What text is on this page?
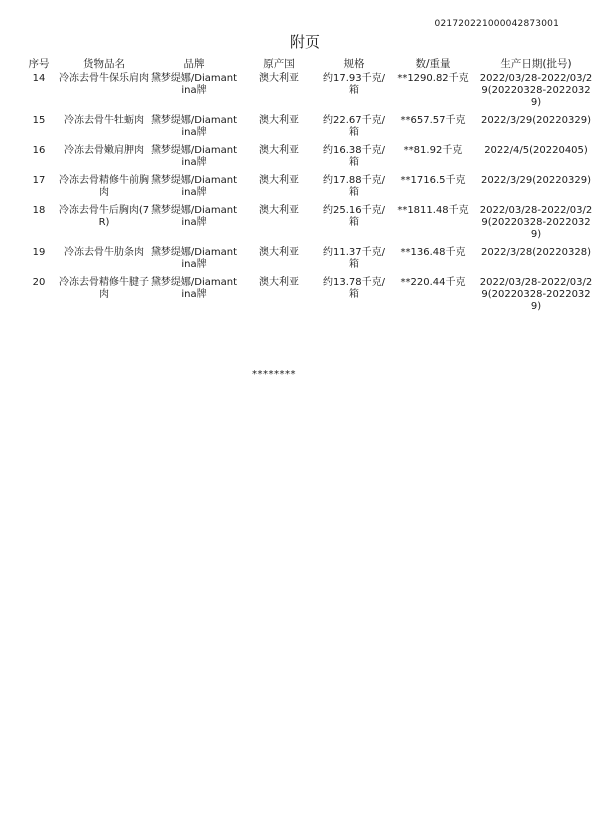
021720221000042873001
附页
序号	货物品名	品牌	原产国	规格	数/重量	生产日期(批号)
14	冷冻去骨牛保乐肩肉	黛梦缇娜/Diamantina牌	澳大利亚	约17.93千克/箱	**1290.82千克	2022/03/28-2022/03/29(20220328-20220329)
15	冷冻去骨牛牡蛎肉	黛梦缇娜/Diamantina牌	澳大利亚	约22.67千克/箱	**657.57千克	2022/3/29(20220329)
16	冷冻去骨嫩肩胛肉	黛梦缇娜/Diamantina牌	澳大利亚	约16.38千克/箱	**81.92千克	2022/4/5(20220405)
17	冷冻去骨精修牛前胸肉	黛梦缇娜/Diamantina牌	澳大利亚	约17.88千克/箱	**1716.5千克	2022/3/29(20220329)
18	冷冻去骨牛后胸肉(7R)	黛梦缇娜/Diamantina牌	澳大利亚	约25.16千克/箱	**1811.48千克	2022/03/28-2022/03/29(20220328-20220329)
19	冷冻去骨牛肋条肉	黛梦缇娜/Diamantina牌	澳大利亚	约11.37千克/箱	**136.48千克	2022/3/28(20220328)
20	冷冻去骨精修牛腱子肉	黛梦缇娜/Diamantina牌	澳大利亚	约13.78千克/箱	**220.44千克	2022/03/28-2022/03/29(20220328-20220329)
********
